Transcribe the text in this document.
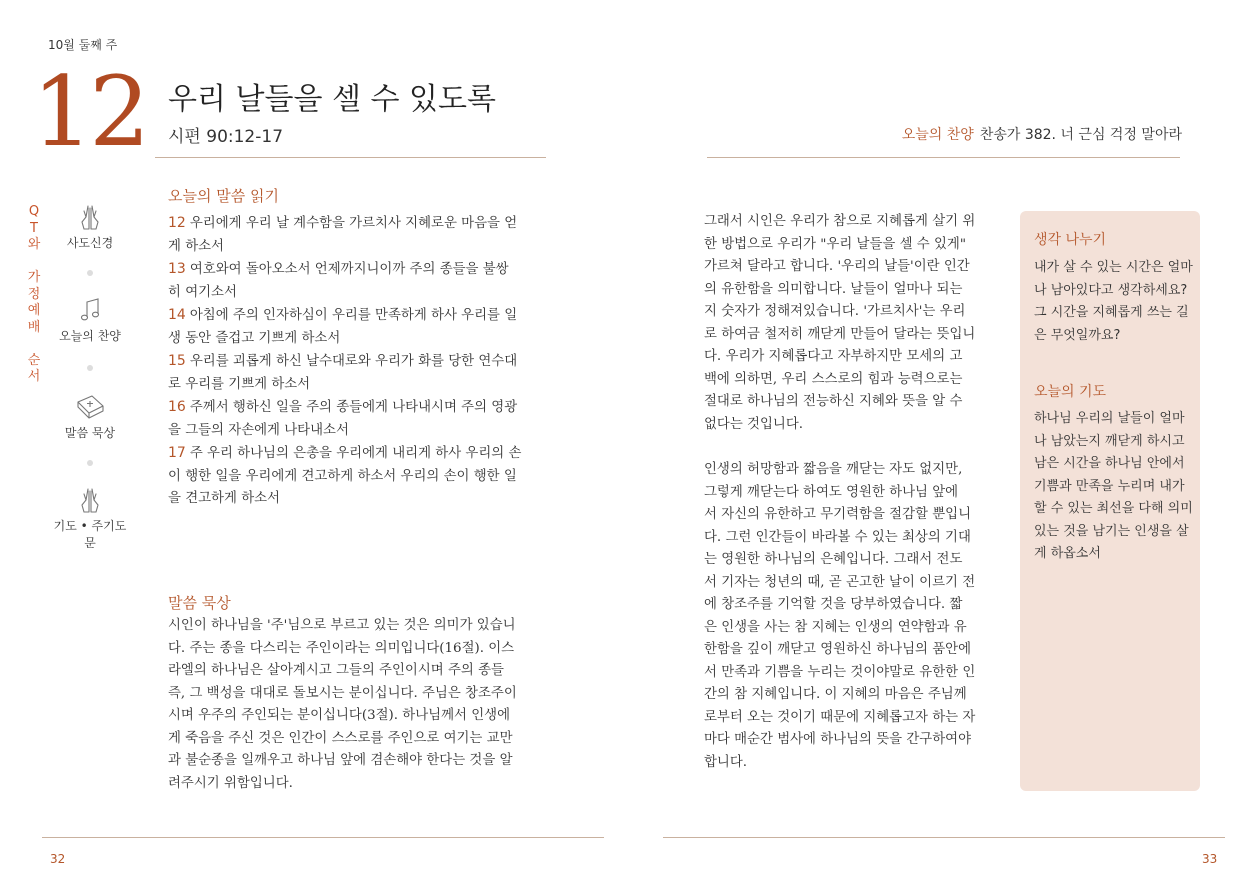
10월 둘째 주
12 우리 날들을 셀 수 있도록
시편 90:12-17	오늘의 찬양 찬송가 382. 너 근심 걱정 말아라
Q
T
와
가
정
예
배
순
서
사도신경
오늘의 찬양
말씀 묵상
기도 • 주기도문
오늘의 말씀 읽기
12 우리에게 우리 날 계수함을 가르치사 지혜로운 마음을 얻
게 하소서
13 여호와여 돌아오소서 언제까지니이까 주의 종들을 불쌍
히 여기소서
14 아침에 주의 인자하심이 우리를 만족하게 하사 우리를 일
생 동안 즐겁고 기쁘게 하소서
15 우리를 괴롭게 하신 날수대로와 우리가 화를 당한 연수대
로 우리를 기쁘게 하소서
16 주께서 행하신 일을 주의 종들에게 나타내시며 주의 영광
을 그들의 자손에게 나타내소서
17 주 우리 하나님의 은총을 우리에게 내리게 하사 우리의 손
이 행한 일을 우리에게 견고하게 하소서 우리의 손이 행한 일
을 견고하게 하소서
말씀 묵상
시인이 하나님을 '주'님으로 부르고 있는 것은 의미가 있습니
다. 주는 종을 다스리는 주인이라는 의미입니다(16절). 이스
라엘의 하나님은 살아계시고 그들의 주인이시며 주의 종들
즉, 그 백성을 대대로 돌보시는 분이십니다. 주님은 창조주이
시며 우주의 주인되는 분이십니다(3절). 하나님께서 인생에
게 죽음을 주신 것은 인간이 스스로를 주인으로 여기는 교만
과 불순종을 일깨우고 하나님 앞에 겸손해야 한다는 것을 알
려주시기 위함입니다.
그래서 시인은 우리가 참으로 지혜롭게 살기 위
한 방법으로 우리가 "우리 날들을 셀 수 있게"
가르쳐 달라고 합니다. '우리의 날들'이란 인간
의 유한함을 의미합니다. 날들이 얼마나 되는
지 숫자가 정해져있습니다. '가르치사'는 우리
로 하여금 철저히 깨닫게 만들어 달라는 뜻입니
다. 우리가 지혜롭다고 자부하지만 모세의 고
백에 의하면, 우리 스스로의 힘과 능력으로는
절대로 하나님의 전능하신 지혜와 뜻을 알 수
없다는 것입니다.
인생의 허망함과 짧음을 깨닫는 자도 없지만,
그렇게 깨닫는다 하여도 영원한 하나님 앞에
서 자신의 유한하고 무기력함을 절감할 뿐입니
다. 그런 인간들이 바라볼 수 있는 최상의 기대
는 영원한 하나님의 은혜입니다. 그래서 전도
서 기자는 청년의 때, 곧 곤고한 날이 이르기 전
에 창조주를 기억할 것을 당부하였습니다. 짧
은 인생을 사는 참 지혜는 인생의 연약함과 유
한함을 깊이 깨닫고 영원하신 하나님의 품안에
서 만족과 기쁨을 누리는 것이야말로 유한한 인
간의 참 지혜입니다. 이 지혜의 마음은 주님께
로부터 오는 것이기 때문에 지혜롭고자 하는 자
마다 매순간 범사에 하나님의 뜻을 간구하여야
합니다.
생각 나누기
내가 살 수 있는 시간은 얼마
나 남아있다고 생각하세요?
그 시간을 지혜롭게 쓰는 길
은 무엇일까요?
오늘의 기도
하나님 우리의 날들이 얼마
나 남았는지 깨닫게 하시고
남은 시간을 하나님 안에서
기쁨과 만족을 누리며 내가
할 수 있는 최선을 다해 의미
있는 것을 남기는 인생을 살
게 하옵소서
32	33
